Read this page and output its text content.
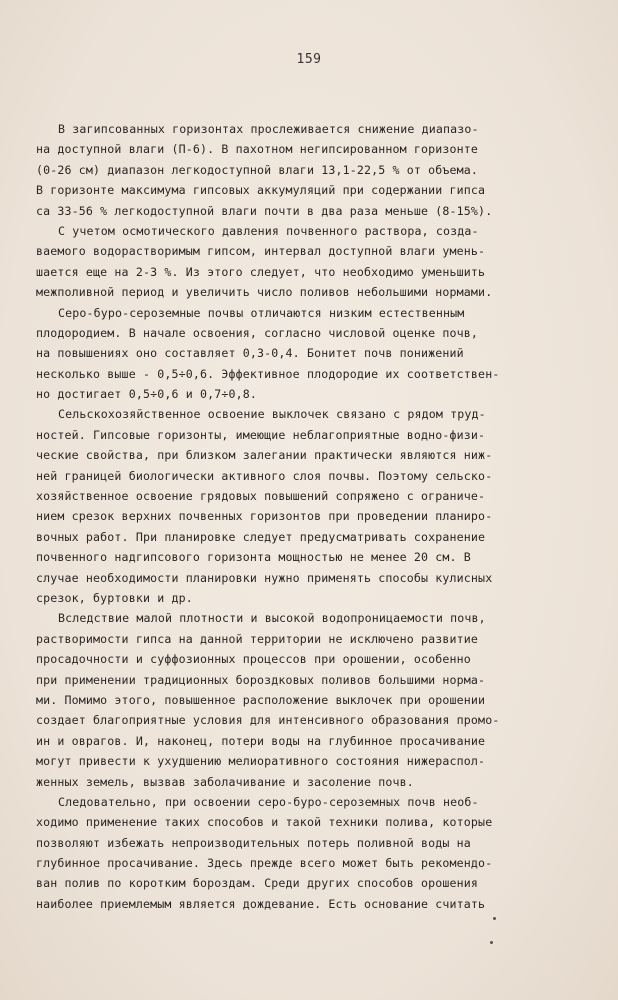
159
В загипсованных горизонтах прослеживается снижение диапазо-
на доступной влаги (П-6). В пахотном негипсированном горизонте
(0-26 см) диапазон легкодоступной влаги 13,1-22,5 % от объема.
В горизонте максимума гипсовых аккумуляций при содержании гипса
са 33-56 % легкодоступной влаги почти в два раза меньше (8-15%).
С учетом осмотического давления почвенного раствора, созда-
ваемого водорастворимым гипсом, интервал доступной влаги умень-
шается еще на 2-3 %. Из этого следует, что необходимо уменьшить
межполивной период и увеличить число поливов небольшими нормами.
Серо-буро-сероземные почвы отличаются низким естественным
плодородием. В начале освоения, согласно числовой оценке почв,
на повышениях оно составляет 0,3-0,4. Бонитет почв понижений
несколько выше - 0,5÷0,6. Эффективное плодородие их соответствен-
но достигает 0,5÷0,6 и 0,7÷0,8.
Сельскохозяйственное освоение выклочек связано с рядом труд-
ностей. Гипсовые горизонты, имеющие неблагоприятные водно-физи-
ческие свойства, при близком залегании практически являются ниж-
ней границей биологически активного слоя почвы. Поэтому сельско-
хозяйственное освоение грядовых повышений сопряжено с ограниче-
нием срезок верхних почвенных горизонтов при проведении планиро-
вочных работ. При планировке следует предусматривать сохранение
почвенного надгипсового горизонта мощностью не менее 20 см. В
случае необходимости планировки нужно применять способы кулисных
срезок, буртовки и др.
Вследствие малой плотности и высокой водопроницаемости почв,
растворимости гипса на данной территории не исключено развитие
просадочности и суффозионных процессов при орошении, особенно
при применении традиционных бороздковых поливов большими норма-
ми. Помимо этого, повышенное расположение выклочек при орошении
создает благоприятные условия для интенсивного образования промо-
ин и оврагов. И, наконец, потери воды на глубинное просачивание
могут привести к ухудшению мелиоративного состояния нижераспол-
женных земель, вызвав заболачивание и засоление почв.
Следовательно, при освоении серо-буро-сероземных почв необ-
ходимо применение таких способов и такой техники полива, которые
позволяют избежать непроизводительных потерь поливной воды на
глубинное просачивание. Здесь прежде всего может быть рекомендо-
ван полив по коротким бороздам. Среди других способов орошения
наиболее приемлемым является дождевание. Есть основание считать
